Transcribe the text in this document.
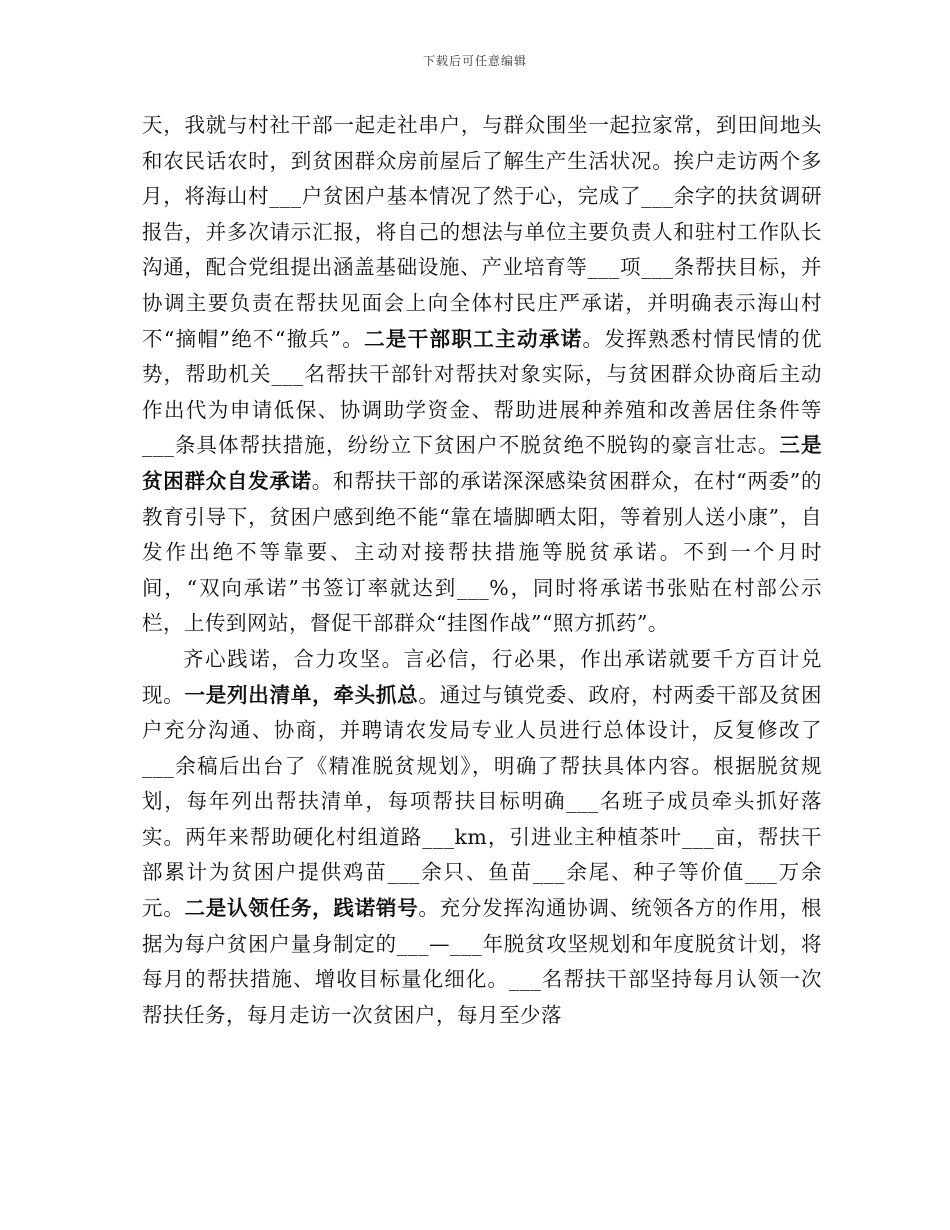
下载后可任意编辑

天，我就与村社干部一起走社串户，与群众围坐一起拉家常，到田间地头和农民话农时，到贫困群众房前屋后了解生产生活状况。挨户走访两个多月，将海山村___户贫困户基本情况了然于心，完成了___余字的扶贫调研报告，并多次请示汇报，将自己的想法与单位主要负责人和驻村工作队长沟通，配合党组提出涵盖基础设施、产业培育等___项___条帮扶目标，并协调主要负责在帮扶见面会上向全体村民庄严承诺，并明确表示海山村不“摘帽”绝不“撤兵”。二是干部职工主动承诺。发挥熟悉村情民情的优势，帮助机关___名帮扶干部针对帮扶对象实际，与贫困群众协商后主动作出代为申请低保、协调助学资金、帮助进展种养殖和改善居住条件等___条具体帮扶措施，纷纷立下贫困户不脱贫绝不脱钩的豪言壮志。三是贫困群众自发承诺。和帮扶干部的承诺深深感染贫困群众，在村“两委”的教育引导下，贫困户感到绝不能“靠在墙脚晒太阳，等着别人送小康”，自发作出绝不等靠要、主动对接帮扶措施等脱贫承诺。不到一个月时间，“双向承诺”书签订率就达到___%，同时将承诺书张贴在村部公示栏，上传到网站，督促干部群众“挂图作战”“照方抓药”。

齐心践诺，合力攻坚。言必信，行必果，作出承诺就要千方百计兑现。一是列出清单，牵头抓总。通过与镇党委、政府，村两委干部及贫困户充分沟通、协商，并聘请农发局专业人员进行总体设计，反复修改了___余稿后出台了《精准脱贫规划》，明确了帮扶具体内容。根据脱贫规划，每年列出帮扶清单，每项帮扶目标明确___名班子成员牵头抓好落实。两年来帮助硬化村组道路___km，引进业主种植茶叶___亩，帮扶干部累计为贫困户提供鸡苗___余只、鱼苗___余尾、种子等价值___万余元。二是认领任务，践诺销号。充分发挥沟通协调、统领各方的作用，根据为每户贫困户量身制定的___—___年脱贫攻坚规划和年度脱贫计划，将每月的帮扶措施、增收目标量化细化。___名帮扶干部坚持每月认领一次帮扶任务，每月走访一次贫困户，每月至少落
